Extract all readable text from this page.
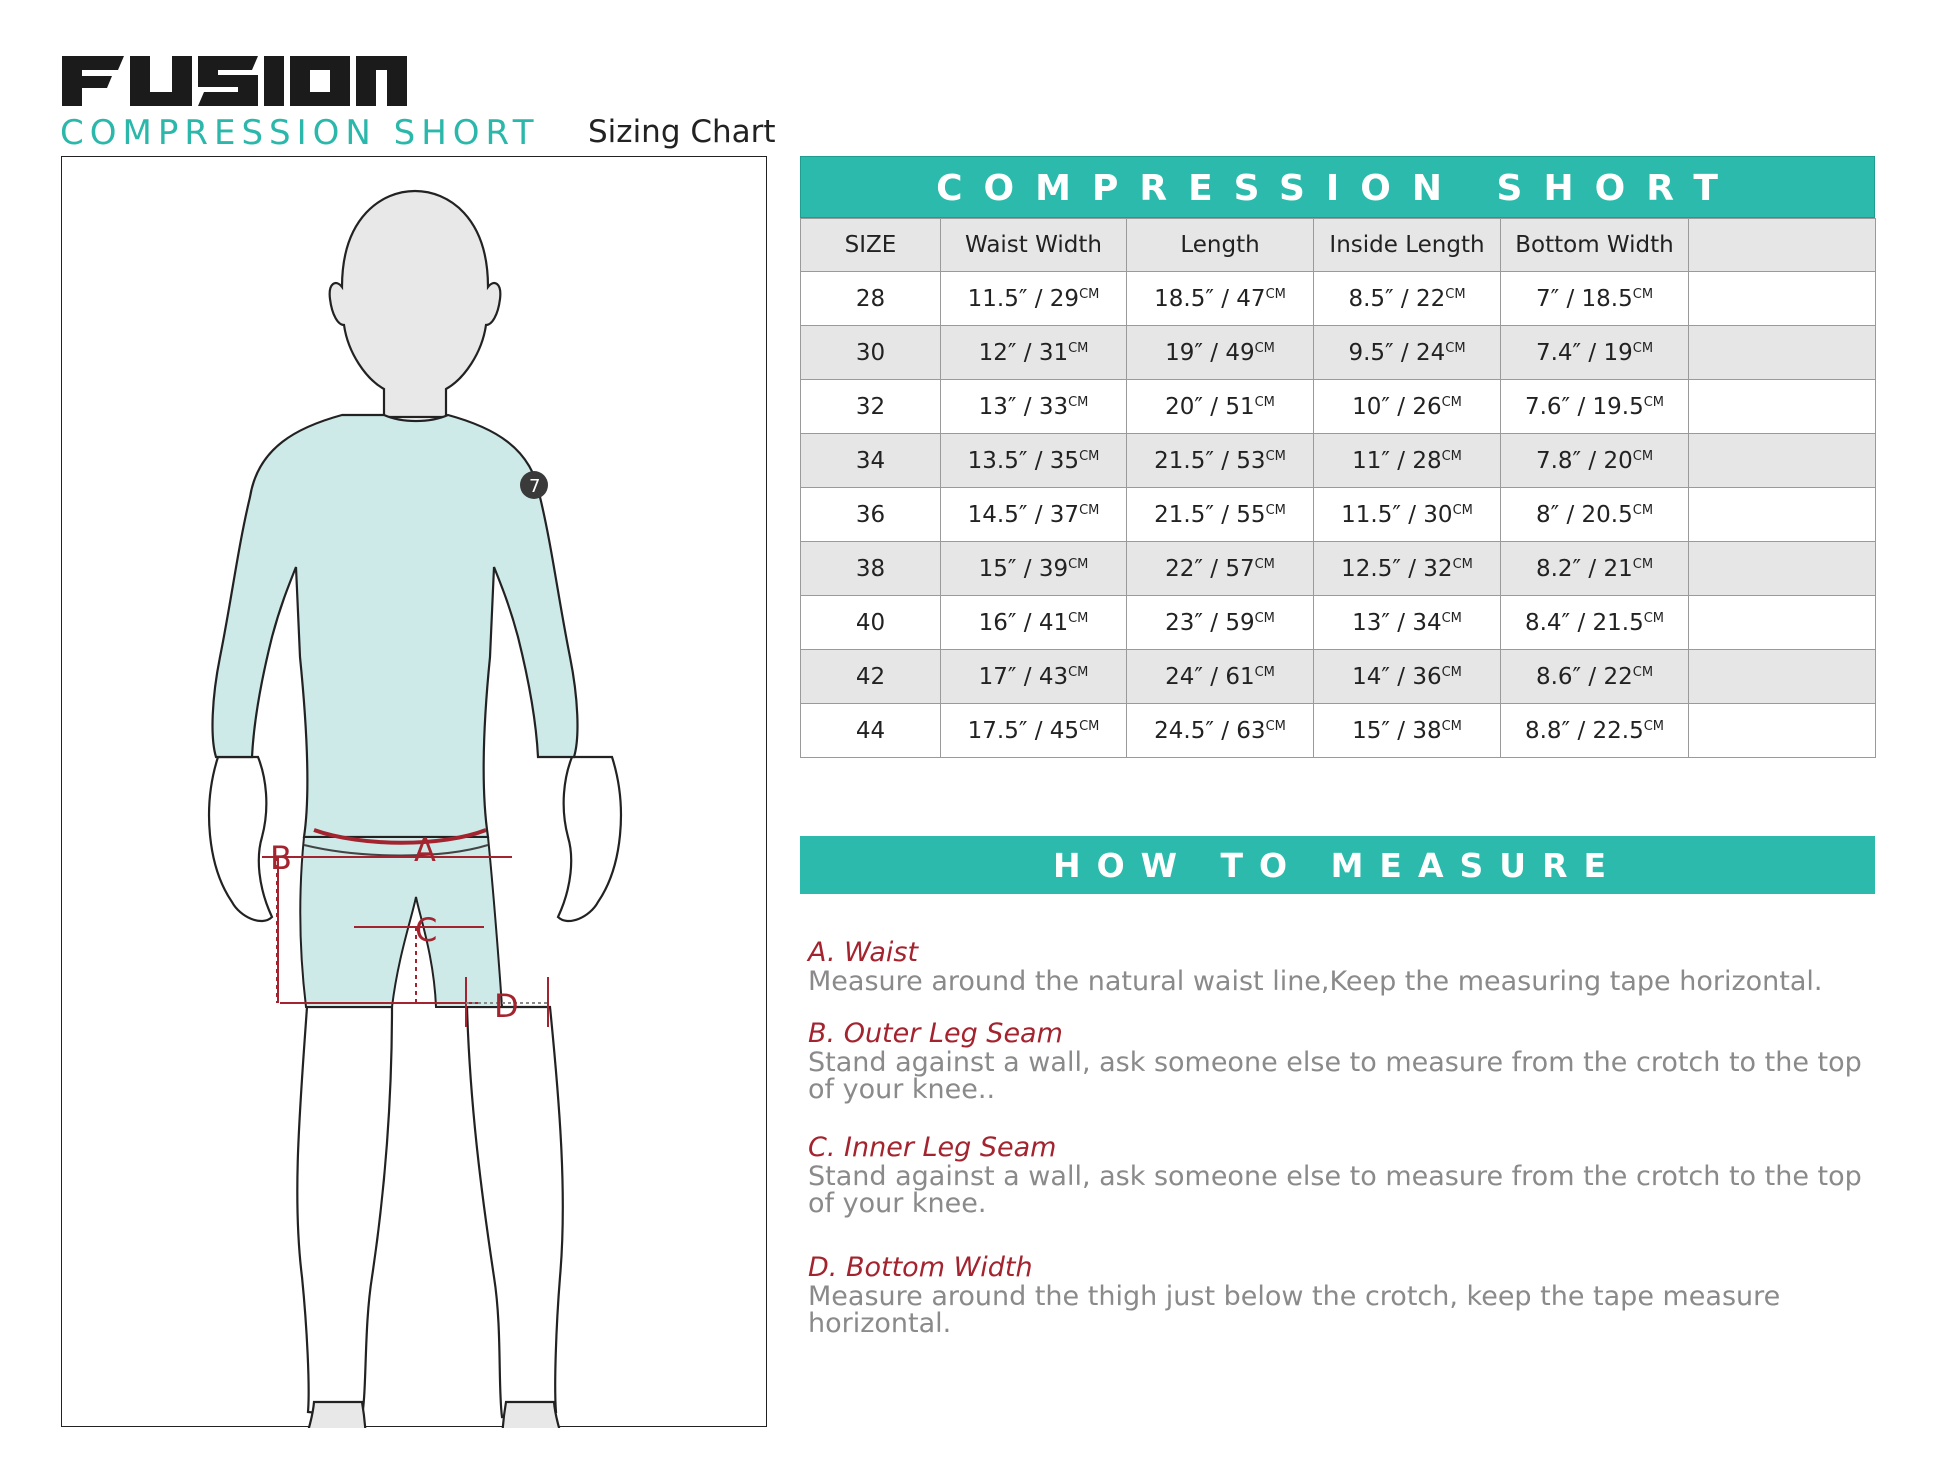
COMPRESSION SHORT Sizing Chart
7
A
B
C
D
COMPRESSION SHORT
SIZE	Waist Width	Length	Inside Length	Bottom Width	
28	$11.5'' / 29^{CM}$	$18.5'' / 47^{CM}$	$8.5'' / 22^{CM}$	$7'' / 18.5^{CM}$	
30	$12'' / 31^{CM}$	$19'' / 49^{CM}$	$9.5'' / 24^{CM}$	$7.4'' / 19^{CM}$	
32	$13'' / 33^{CM}$	$20'' / 51^{CM}$	$10'' / 26^{CM}$	$7.6'' / 19.5^{CM}$	
34	$13.5'' / 35^{CM}$	$21.5'' / 53^{CM}$	$11'' / 28^{CM}$	$7.8'' / 20^{CM}$	
36	$14.5'' / 37^{CM}$	$21.5'' / 55^{CM}$	$11.5'' / 30^{CM}$	$8'' / 20.5^{CM}$	
38	$15'' / 39^{CM}$	$22'' / 57^{CM}$	$12.5'' / 32^{CM}$	$8.2'' / 21^{CM}$	
40	$16'' / 41^{CM}$	$23'' / 59^{CM}$	$13'' / 34^{CM}$	$8.4'' / 21.5^{CM}$	
42	$17'' / 43^{CM}$	$24'' / 61^{CM}$	$14'' / 36^{CM}$	$8.6'' / 22^{CM}$	
44	$17.5'' / 45^{CM}$	$24.5'' / 63^{CM}$	$15'' / 38^{CM}$	$8.8'' / 22.5^{CM}$	
HOW TO MEASURE
A. Waist
Measure around the natural waist line,Keep the measuring tape horizontal.
B. Outer Leg Seam
Stand against a wall, ask someone else to measure from the crotch to the top of your knee..
C. Inner Leg Seam
Stand against a wall, ask someone else to measure from the crotch to the top of your knee.
D. Bottom Width
Measure around the thigh just below the crotch, keep the tape measure horizontal.
